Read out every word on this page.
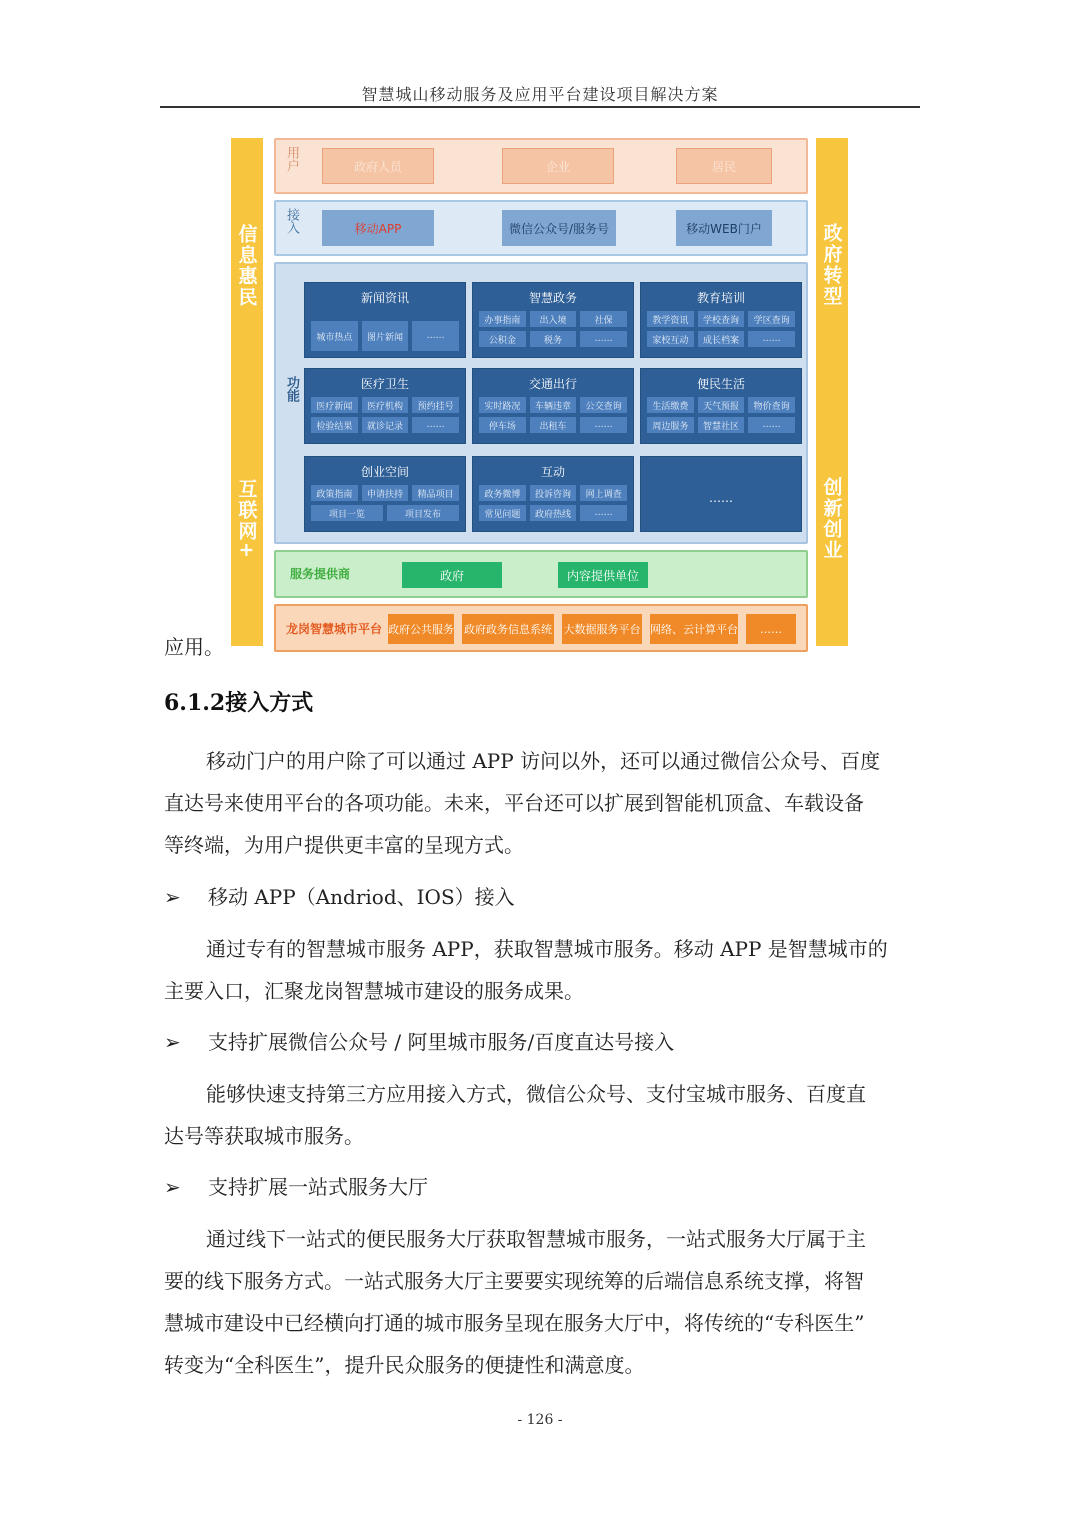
智慧城山移动服务及应用平台建设项目解决方案
信息惠民
互联网+
政府转型
创新创业
用户	政府人员	企业	居民
接入	移动APP	微信公众号/服务号	移动WEB门户
功能
新闻资讯
城市热点	图片新闻	……
智慧政务
办事指南	出入境	社保
公积金	税务	……
教育培训
教学资讯	学校查询	学区查询
家校互动	成长档案	……
医疗卫生
医疗新闻	医疗机构	预约挂号
检验结果	就诊记录	……
交通出行
实时路况	车辆违章	公交查询
停车场	出租车	……
便民生活
生活缴费	天气预报	物价查询
周边服务	智慧社区	……
创业空间
政策指南	申请扶持	精品项目
项目一览	项目发布
互动
政务微博	投诉咨询	网上调查
常见问题	政府热线	……
……
服务提供商	政府	内容提供单位
龙岗智慧城市平台 政府公共服务 政府政务信息系统 大数据服务平台 网络、云计算平台	……
应用。
6.1.2接入方式
移动门户的用户除了可以通过 APP 访问以外，还可以通过微信公众号、百度
直达号来使用平台的各项功能。未来，平台还可以扩展到智能机顶盒、车载设备
等终端，为用户提供更丰富的呈现方式。
➢ 移动 APP（Andriod、IOS）接入
通过专有的智慧城市服务 APP，获取智慧城市服务。移动 APP 是智慧城市的
主要入口，汇聚龙岗智慧城市建设的服务成果。
➢ 支持扩展微信公众号 / 阿里城市服务/百度直达号接入
能够快速支持第三方应用接入方式，微信公众号、支付宝城市服务、百度直
达号等获取城市服务。
➢ 支持扩展一站式服务大厅
通过线下一站式的便民服务大厅获取智慧城市服务，一站式服务大厅属于主
要的线下服务方式。一站式服务大厅主要要实现统筹的后端信息系统支撑，将智
慧城市建设中已经横向打通的城市服务呈现在服务大厅中，将传统的“专科医生”
转变为“全科医生”，提升民众服务的便捷性和满意度。
- 126 -
